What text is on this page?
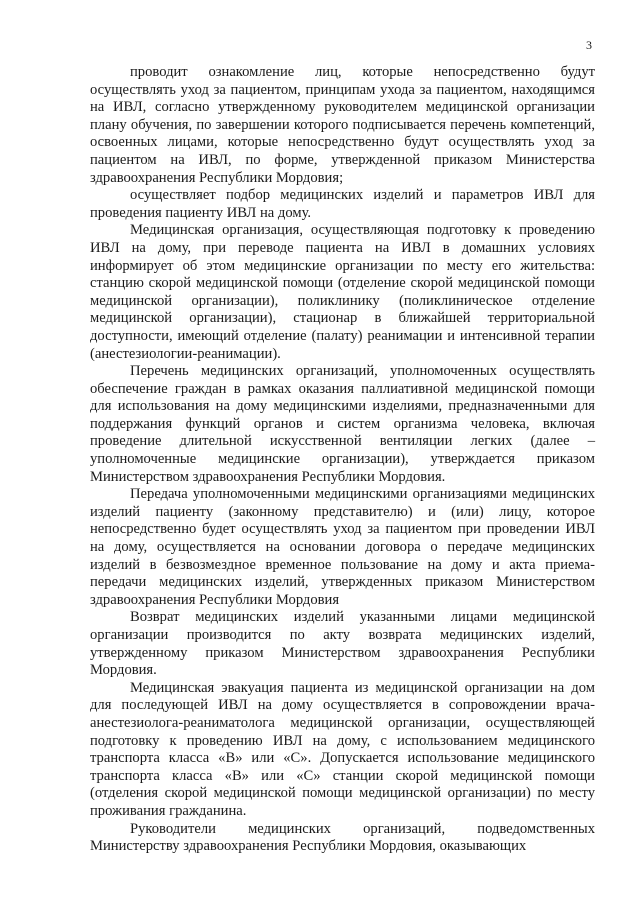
3

проводит ознакомление лиц, которые непосредственно будут осуществлять уход за пациентом, принципам ухода за пациентом, находящимся на ИВЛ, согласно утвержденному руководителем медицинской организации плану обучения, по завершении которого подписывается перечень компетенций, освоенных лицами, которые непосредственно будут осуществлять уход за пациентом на ИВЛ, по форме, утвержденной приказом Министерства здравоохранения Республики Мордовия;

осуществляет подбор медицинских изделий и параметров ИВЛ для проведения пациенту ИВЛ на дому.

Медицинская организация, осуществляющая подготовку к проведению ИВЛ на дому, при переводе пациента на ИВЛ в домашних условиях информирует об этом медицинские организации по месту его жительства: станцию скорой медицинской помощи (отделение скорой медицинской помощи медицинской организации), поликлинику (поликлиническое отделение медицинской организации), стационар в ближайшей территориальной доступности, имеющий отделение (палату) реанимации и интенсивной терапии (анестезиологии-реанимации).

Перечень медицинских организаций, уполномоченных осуществлять обеспечение граждан в рамках оказания паллиативной медицинской помощи для использования на дому медицинскими изделиями, предназначенными для поддержания функций органов и систем организма человека, включая проведение длительной искусственной вентиляции легких (далее – уполномоченные медицинские организации), утверждается приказом Министерством здравоохранения Республики Мордовия.

Передача уполномоченными медицинскими организациями медицинских изделий пациенту (законному представителю) и (или) лицу, которое непосредственно будет осуществлять уход за пациентом при проведении ИВЛ на дому, осуществляется на основании договора о передаче медицинских изделий в безвозмездное временное пользование на дому и акта приема-передачи медицинских изделий, утвержденных приказом Министерством здравоохранения Республики Мордовия

Возврат медицинских изделий указанными лицами медицинской организации производится по акту возврата медицинских изделий, утвержденному приказом Министерством здравоохранения Республики Мордовия.

Медицинская эвакуация пациента из медицинской организации на дом для последующей ИВЛ на дому осуществляется в сопровождении врача-анестезиолога-реаниматолога медицинской организации, осуществляющей подготовку к проведению ИВЛ на дому, с использованием медицинского транспорта класса «В» или «С». Допускается использование медицинского транспорта класса «В» или «С» станции скорой медицинской помощи (отделения скорой медицинской помощи медицинской организации) по месту проживания гражданина.

Руководители медицинских организаций, подведомственных Министерству здравоохранения Республики Мордовия, оказывающих
